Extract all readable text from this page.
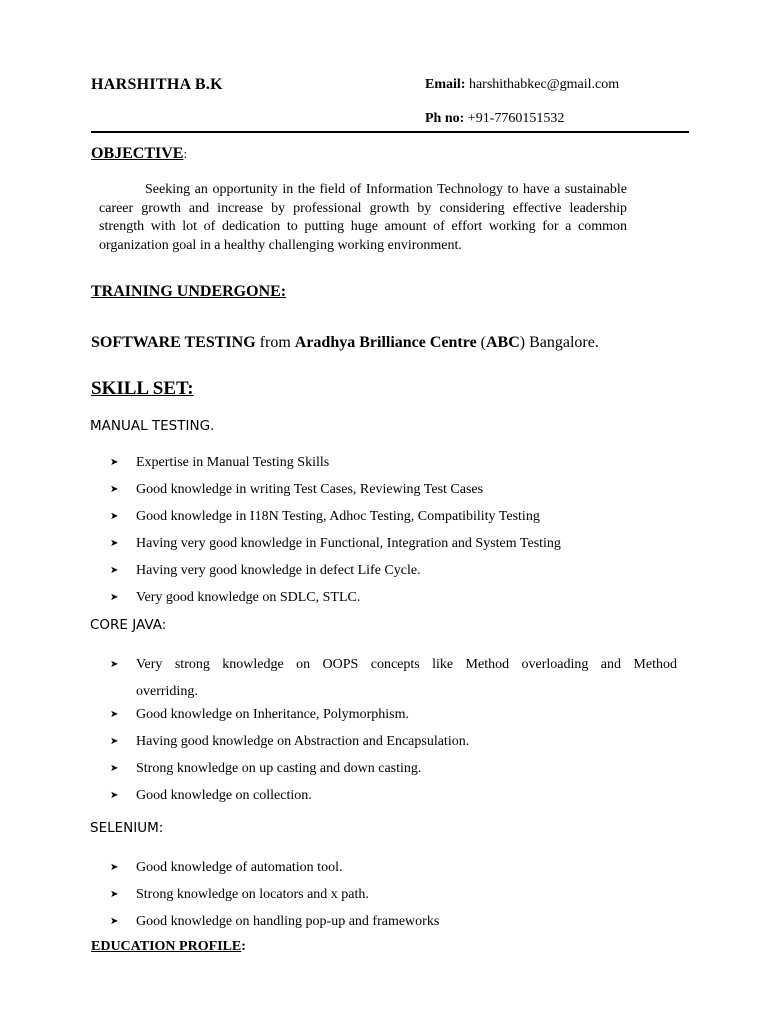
HARSHITHA B.K	Email: harshithabkec@gmail.com
Ph no: +91-7760151532
OBJECTIVE:
Seeking an opportunity in the field of Information Technology to have a sustainable career growth and increase by professional growth by considering effective leadership strength with lot of dedication to putting huge amount of effort working for a common organization goal in a healthy challenging working environment.
TRAINING UNDERGONE:
SOFTWARE TESTING from Aradhya Brilliance Centre (ABC) Bangalore.
SKILL SET:
MANUAL TESTING.
➤ Expertise in Manual Testing Skills
➤ Good knowledge in writing Test Cases, Reviewing Test Cases
➤ Good knowledge in I18N Testing, Adhoc Testing, Compatibility Testing
➤ Having very good knowledge in Functional, Integration and System Testing
➤ Having very good knowledge in defect Life Cycle.
➤ Very good knowledge on SDLC, STLC.
CORE JAVA:
➤ Very strong knowledge on OOPS concepts like Method overloading and Method
overriding.
➤ Good knowledge on Inheritance, Polymorphism.
➤ Having good knowledge on Abstraction and Encapsulation.
➤ Strong knowledge on up casting and down casting.
➤ Good knowledge on collection.
SELENIUM:
➤ Good knowledge of automation tool.
➤ Strong knowledge on locators and x path.
➤ Good knowledge on handling pop-up and frameworks
EDUCATION PROFILE:
